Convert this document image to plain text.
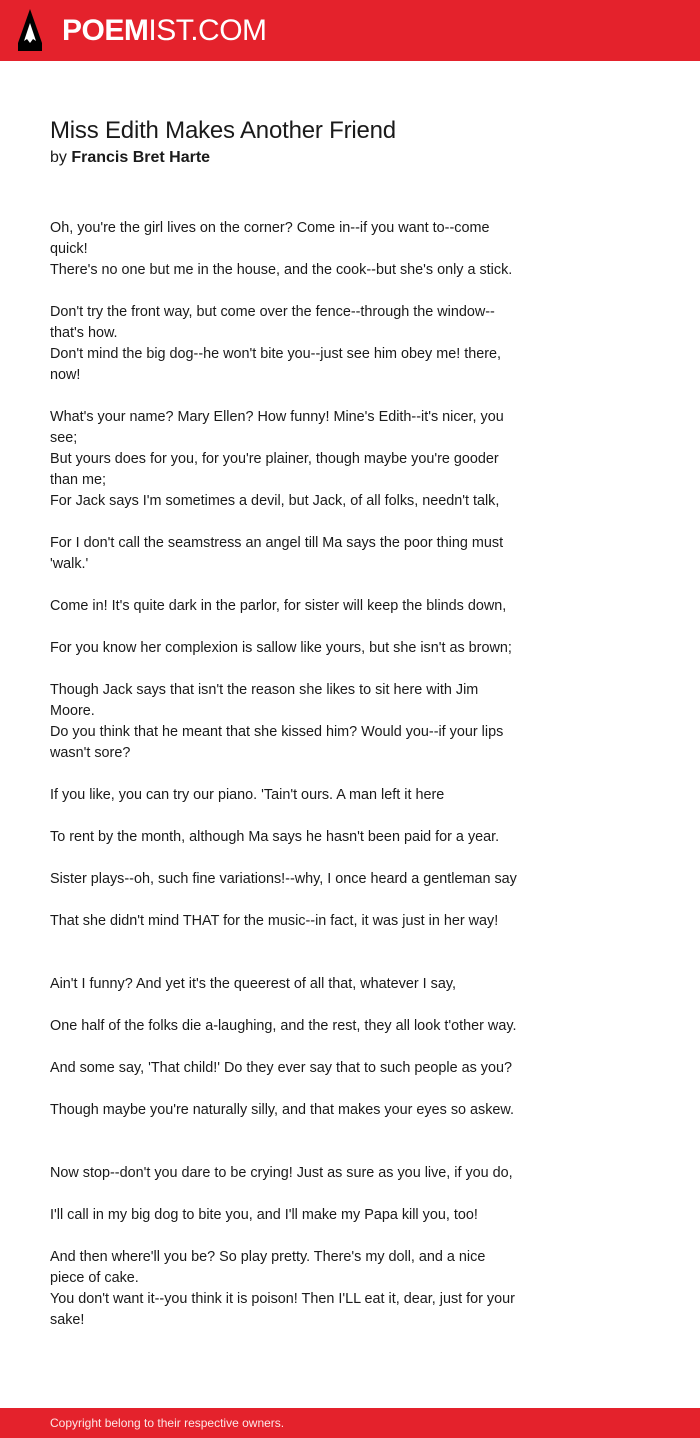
POEMIST.COM
Miss Edith Makes Another Friend
by Francis Bret Harte
Oh, you're the girl lives on the corner? Come in--if you want to--come quick!
There's no one but me in the house, and the cook--but she's only a stick.
Don't try the front way, but come over the fence--through the window--that's how.
Don't mind the big dog--he won't bite you--just see him obey me! there, now!
What's your name? Mary Ellen? How funny! Mine's Edith--it's nicer, you see;
But yours does for you, for you're plainer, though maybe you're gooder than me;
For Jack says I'm sometimes a devil, but Jack, of all folks, needn't talk,
For I don't call the seamstress an angel till Ma says the poor thing must 'walk.'
Come in! It's quite dark in the parlor, for sister will keep the blinds down,
For you know her complexion is sallow like yours, but she isn't as brown;
Though Jack says that isn't the reason she likes to sit here with Jim Moore.
Do you think that he meant that she kissed him? Would you--if your lips wasn't sore?
If you like, you can try our piano. 'Tain't ours. A man left it here
To rent by the month, although Ma says he hasn't been paid for a year.
Sister plays--oh, such fine variations!--why, I once heard a gentleman say
That she didn't mind THAT for the music--in fact, it was just in her way!
Ain't I funny? And yet it's the queerest of all that, whatever I say,
One half of the folks die a-laughing, and the rest, they all look t'other way.
And some say, 'That child!' Do they ever say that to such people as you?
Though maybe you're naturally silly, and that makes your eyes so askew.
Now stop--don't you dare to be crying! Just as sure as you live, if you do,
I'll call in my big dog to bite you, and I'll make my Papa kill you, too!
And then where'll you be? So play pretty. There's my doll, and a nice piece of cake.
You don't want it--you think it is poison! Then I'LL eat it, dear, just for your sake!
Copyright belong to their respective owners.
